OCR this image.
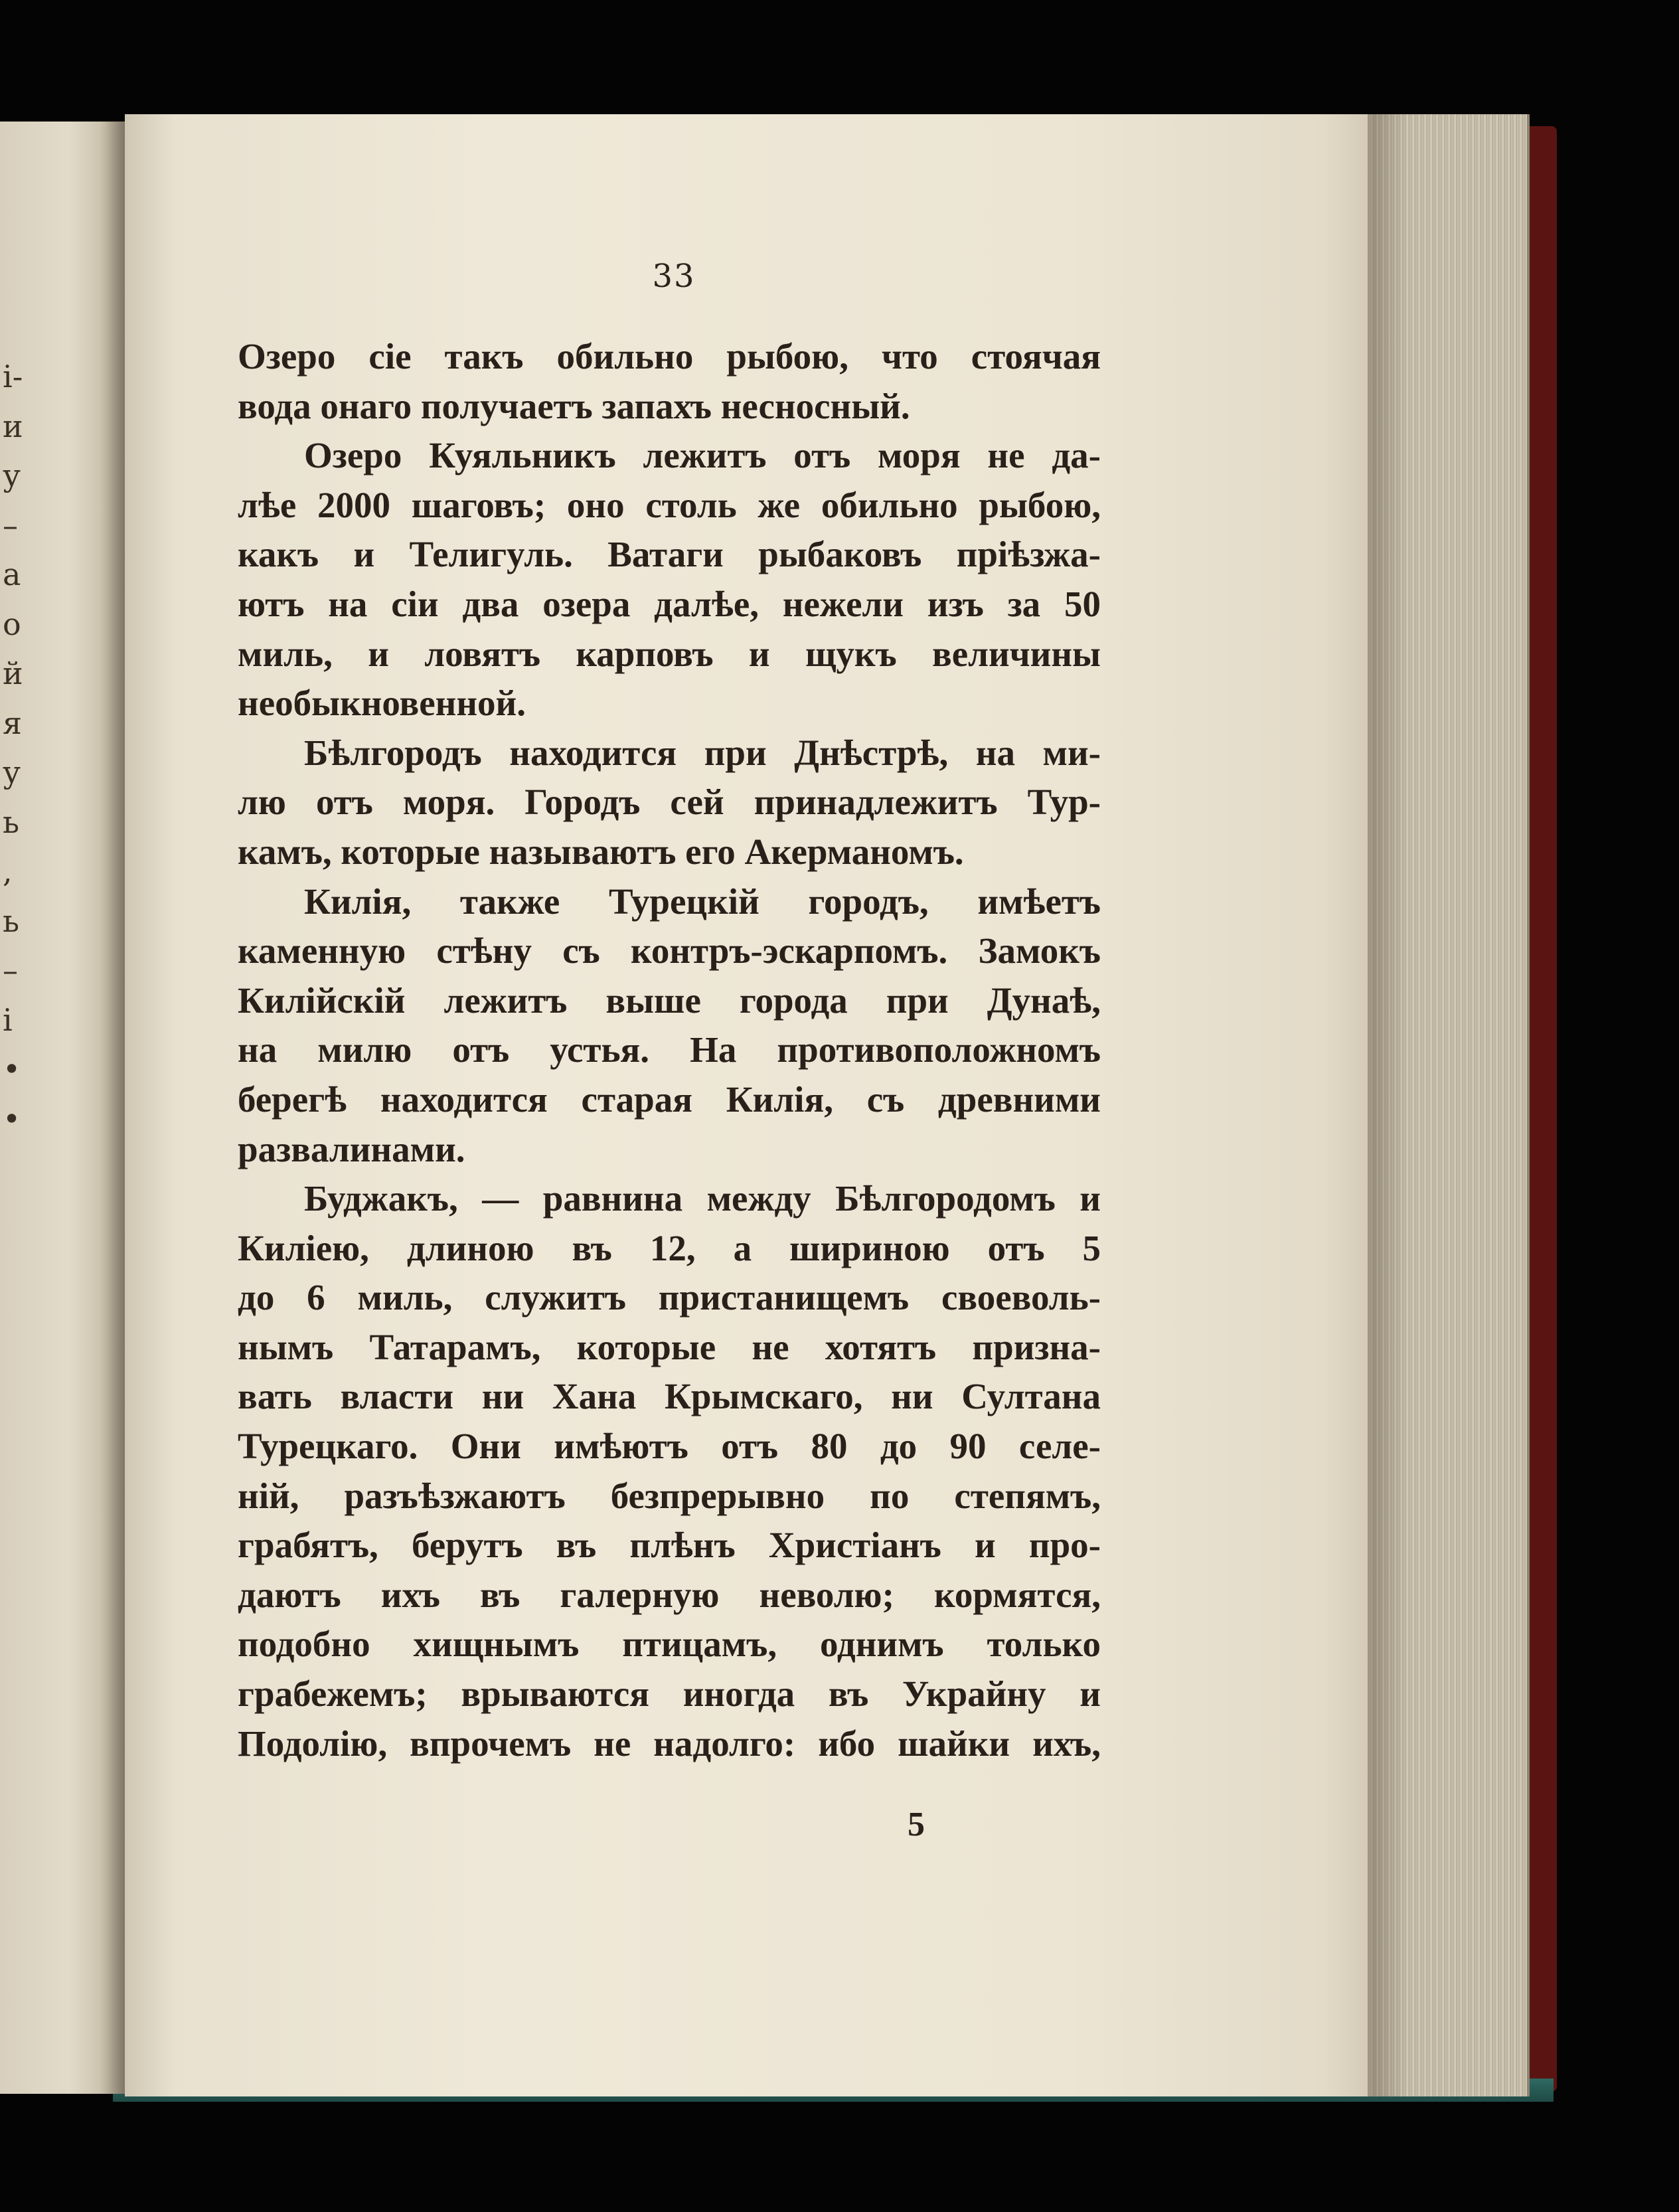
і-
и
у
–
а
о
й
я
у
ь
,
ь
–
і
•
•
33
Озеро сіе такъ обильно рыбою, что стоячая
вода онаго получаетъ запахъ несносный.
Озеро Куяльникъ лежитъ отъ моря не да-
лѣе 2000 шаговъ; оно столь же обильно рыбою,
какъ и Телигуль. Ватаги рыбаковъ пріѣзжа-
ютъ на сіи два озера далѣе, нежели изъ за 50
миль, и ловятъ карповъ и щукъ величины
необыкновенной.
Бѣлгородъ находится при Днѣстрѣ, на ми-
лю отъ моря. Городъ сей принадлежитъ Тур-
камъ, которые называютъ его Акерманомъ.
Килія, также Турецкій городъ, имѣетъ
каменную стѣну съ контръ-эскарпомъ. Замокъ
Килійскій лежитъ выше города при Дунаѣ,
на милю отъ устья. На противоположномъ
берегѣ находится старая Килія, съ древними
развалинами.
Буджакъ, — равнина между Бѣлгородомъ и
Киліею, длиною въ 12, а шириною отъ 5
до 6 миль, служитъ пристанищемъ своеволь-
нымъ Татарамъ, которые не хотятъ призна-
вать власти ни Хана Крымскаго, ни Султана
Турецкаго. Они имѣютъ отъ 80 до 90 селе-
ній, разъѣзжаютъ безпрерывно по степямъ,
грабятъ, берутъ въ плѣнъ Христіанъ и про-
даютъ ихъ въ галерную неволю; кормятся,
подобно хищнымъ птицамъ, однимъ только
грабежемъ; врываются иногда въ Украйну и
Подолію, впрочемъ не надолго: ибо шайки ихъ,
5
